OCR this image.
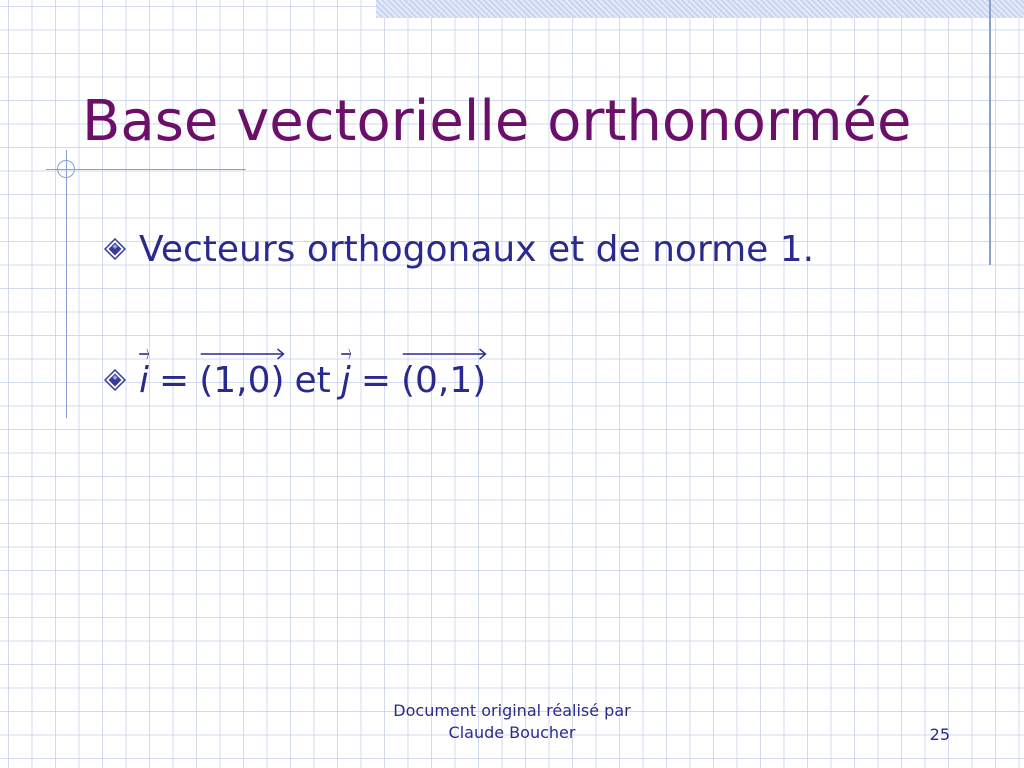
Base vectorielle orthonormée
Vecteurs orthogonaux et de norme 1.
i = (1,0) et j = (0,1)
Document original réalisé par
Claude Boucher	25
